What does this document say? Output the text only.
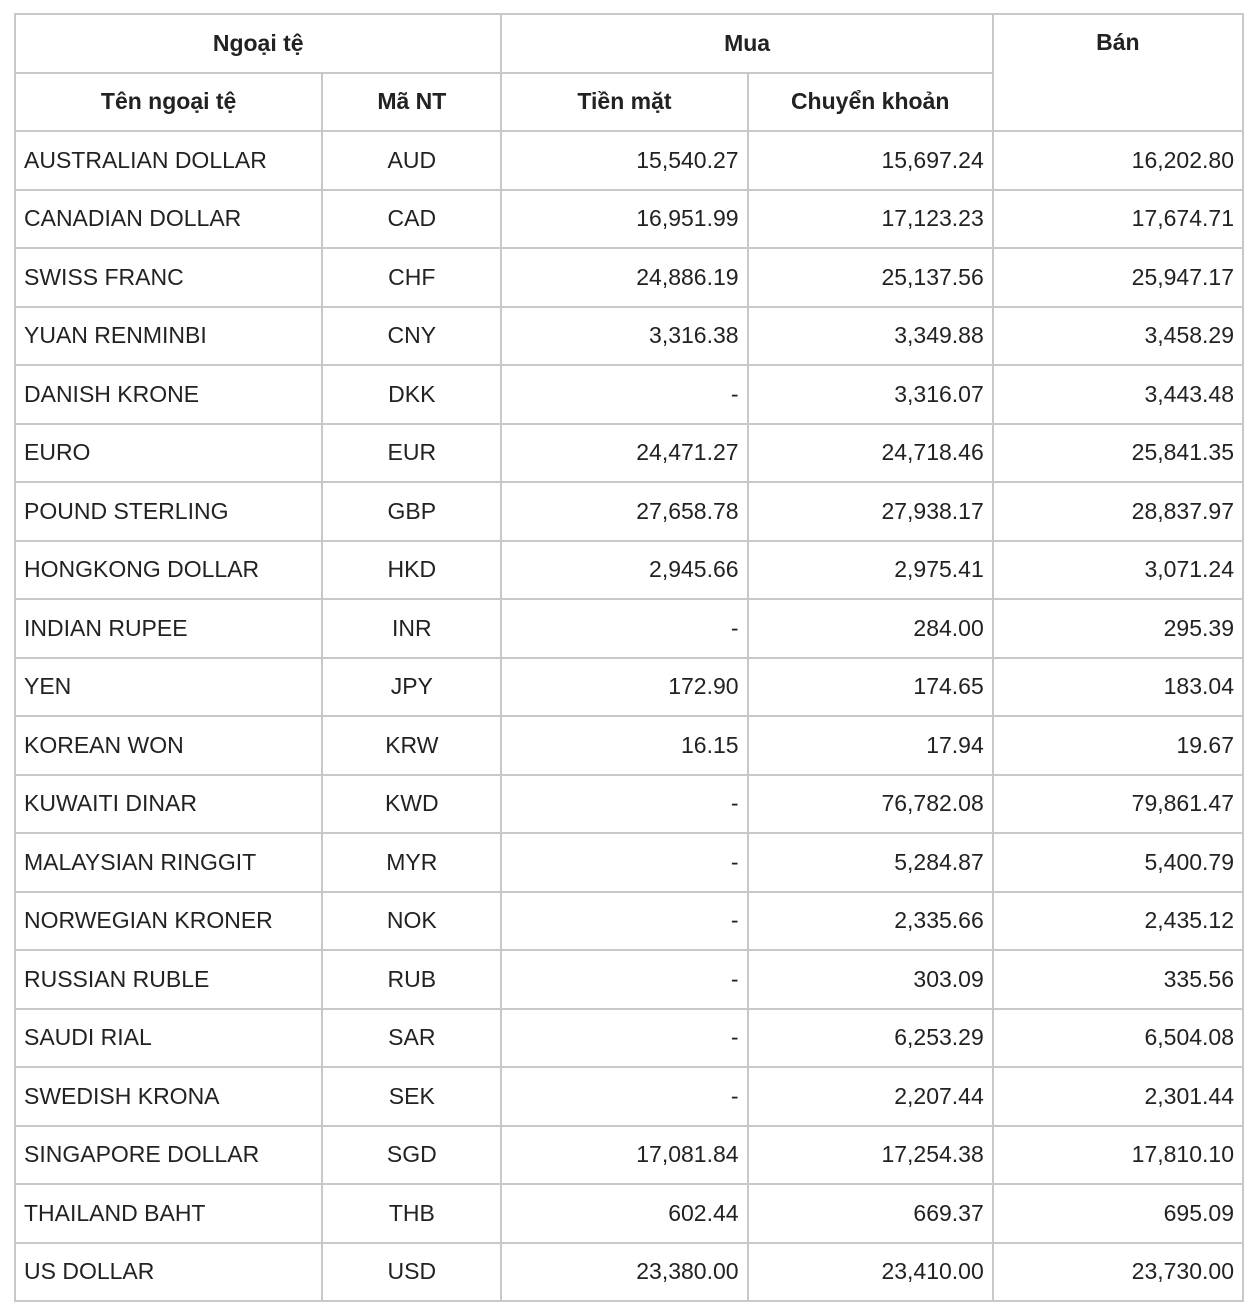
Ngoại tệ		Mua		Bán
Tên ngoại tệ	Mã NT	Tiền mặt	Chuyển khoản	
AUSTRALIAN DOLLAR	AUD	15,540.27	15,697.24	16,202.80
CANADIAN DOLLAR	CAD	16,951.99	17,123.23	17,674.71
SWISS FRANC	CHF	24,886.19	25,137.56	25,947.17
YUAN RENMINBI	CNY	3,316.38	3,349.88	3,458.29
DANISH KRONE	DKK	-	3,316.07	3,443.48
EURO	EUR	24,471.27	24,718.46	25,841.35
POUND STERLING	GBP	27,658.78	27,938.17	28,837.97
HONGKONG DOLLAR	HKD	2,945.66	2,975.41	3,071.24
INDIAN RUPEE	INR	-	284.00	295.39
YEN	JPY	172.90	174.65	183.04
KOREAN WON	KRW	16.15	17.94	19.67
KUWAITI DINAR	KWD	-	76,782.08	79,861.47
MALAYSIAN RINGGIT	MYR	-	5,284.87	5,400.79
NORWEGIAN KRONER	NOK	-	2,335.66	2,435.12
RUSSIAN RUBLE	RUB	-	303.09	335.56
SAUDI RIAL	SAR	-	6,253.29	6,504.08
SWEDISH KRONA	SEK	-	2,207.44	2,301.44
SINGAPORE DOLLAR	SGD	17,081.84	17,254.38	17,810.10
THAILAND BAHT	THB	602.44	669.37	695.09
US DOLLAR	USD	23,380.00	23,410.00	23,730.00
